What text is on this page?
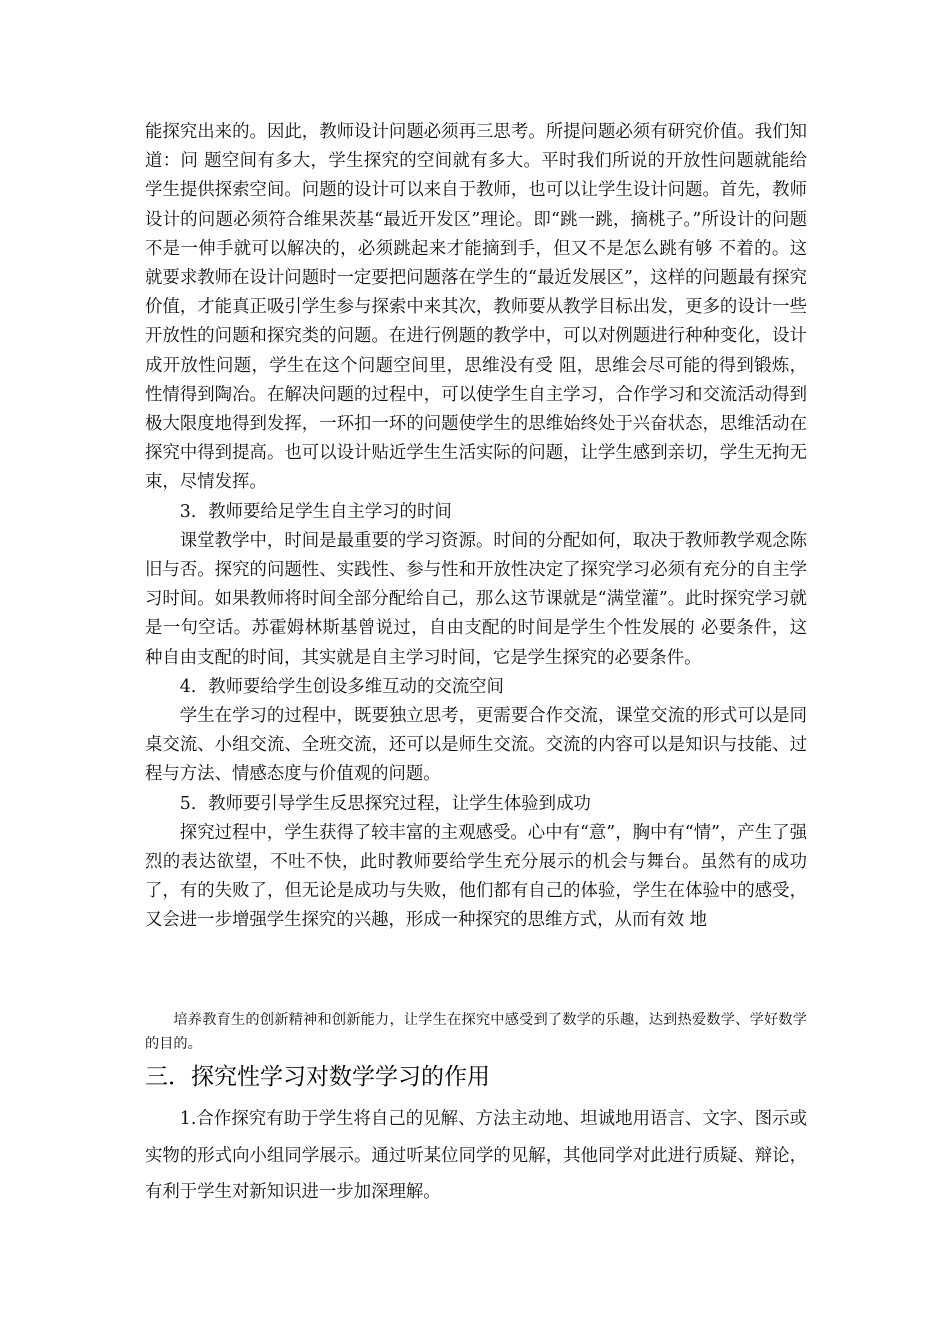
能探究出来的。因此，教师设计问题必须再三思考。所提问题必须有研究价值。我们知道：问 题空间有多大，学生探究的空间就有多大。平时我们所说的开放性问题就能给学生提供探索空间。问题的设计可以来自于教师，也可以让学生设计问题。首先，教师设计的问题必须符合维果茨基“最近开发区”理论。即“跳一跳，摘桃子。”所设计的问题不是一伸手就可以解决的，必须跳起来才能摘到手，但又不是怎么跳有够 不着的。这就要求教师在设计问题时一定要把问题落在学生的“最近发展区”，这样的问题最有探究价值，才能真正吸引学生参与探索中来其次，教师要从教学目标出发，更多的设计一些开放性的问题和探究类的问题。在进行例题的教学中，可以对例题进行种种变化，设计成开放性问题，学生在这个问题空间里，思维没有受 阻，思维会尽可能的得到锻炼，性情得到陶冶。在解决问题的过程中，可以使学生自主学习，合作学习和交流活动得到极大限度地得到发挥，一环扣一环的问题使学生的思维始终处于兴奋状态，思维活动在探究中得到提高。也可以设计贴近学生生活实际的问题，让学生感到亲切，学生无拘无束，尽情发挥。

3．教师要给足学生自主学习的时间

课堂教学中，时间是最重要的学习资源。时间的分配如何，取决于教师教学观念陈旧与否。探究的问题性、实践性、参与性和开放性决定了探究学习必须有充分的自主学习时间。如果教师将时间全部分配给自己，那么这节课就是“满堂灌”。此时探究学习就是一句空话。苏霍姆林斯基曾说过，自由支配的时间是学生个性发展的 必要条件，这种自由支配的时间，其实就是自主学习时间，它是学生探究的必要条件。

4．教师要给学生创设多维互动的交流空间

学生在学习的过程中，既要独立思考，更需要合作交流，课堂交流的形式可以是同桌交流、小组交流、全班交流，还可以是师生交流。交流的内容可以是知识与技能、过程与方法、情感态度与价值观的问题。

5．教师要引导学生反思探究过程，让学生体验到成功

探究过程中，学生获得了较丰富的主观感受。心中有“意”，胸中有“情”，产生了强烈的表达欲望，不吐不快，此时教师要给学生充分展示的机会与舞台。虽然有的成功了，有的失败了，但无论是成功与失败，他们都有自己的体验，学生在体验中的感受，又会进一步增强学生探究的兴趣，形成一种探究的思维方式，从而有效 地

培养教育生的创新精神和创新能力，让学生在探究中感受到了数学的乐趣，达到热爱数学、学好数学的目的。

三．探究性学习对数学学习的作用

1.合作探究有助于学生将自己的见解、方法主动地、坦诚地用语言、文字、图示或实物的形式向小组同学展示。通过听某位同学的见解，其他同学对此进行质疑、辩论，有利于学生对新知识进一步加深理解。
